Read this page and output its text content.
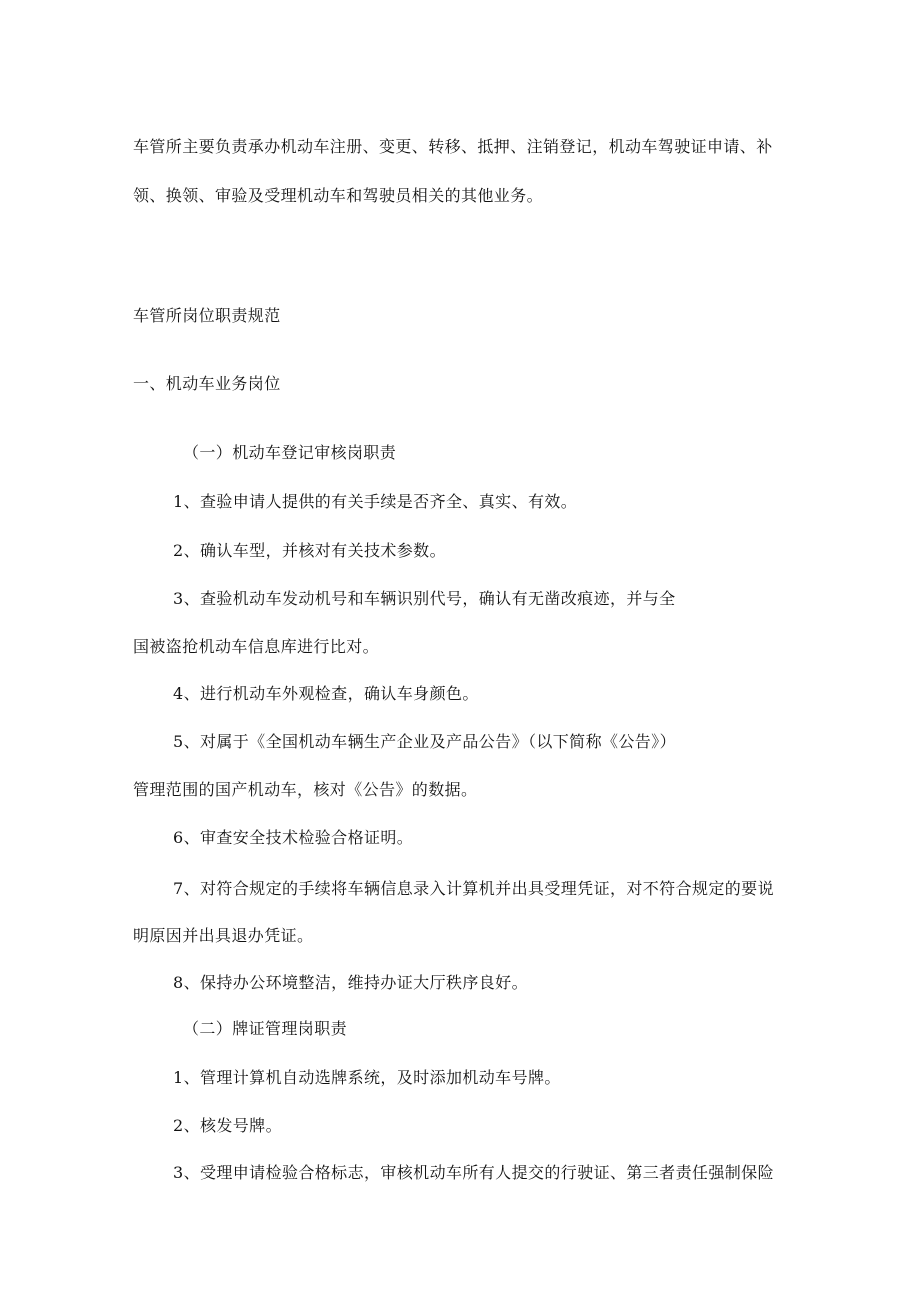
车管所主要负责承办机动车注册、变更、转移、抵押、注销登记，机动车驾驶证申请、补
领、换领、审验及受理机动车和驾驶员相关的其他业务。
车管所岗位职责规范
一、机动车业务岗位
（一）机动车登记审核岗职责
1、查验申请人提供的有关手续是否齐全、真实、有效。
2、确认车型，并核对有关技术参数。
3、查验机动车发动机号和车辆识别代号，确认有无凿改痕迹，并与全
国被盗抢机动车信息库进行比对。
4、进行机动车外观检查，确认车身颜色。
5、对属于《全国机动车辆生产企业及产品公告》（以下简称《公告》）
管理范围的国产机动车，核对《公告》的数据。
6、审查安全技术检验合格证明。
7、对符合规定的手续将车辆信息录入计算机并出具受理凭证，对不符合规定的要说
明原因并出具退办凭证。
8、保持办公环境整洁，维持办证大厅秩序良好。
（二）牌证管理岗职责
1、管理计算机自动选牌系统，及时添加机动车号牌。
2、核发号牌。
3、受理申请检验合格标志，审核机动车所有人提交的行驶证、第三者责任强制保险
